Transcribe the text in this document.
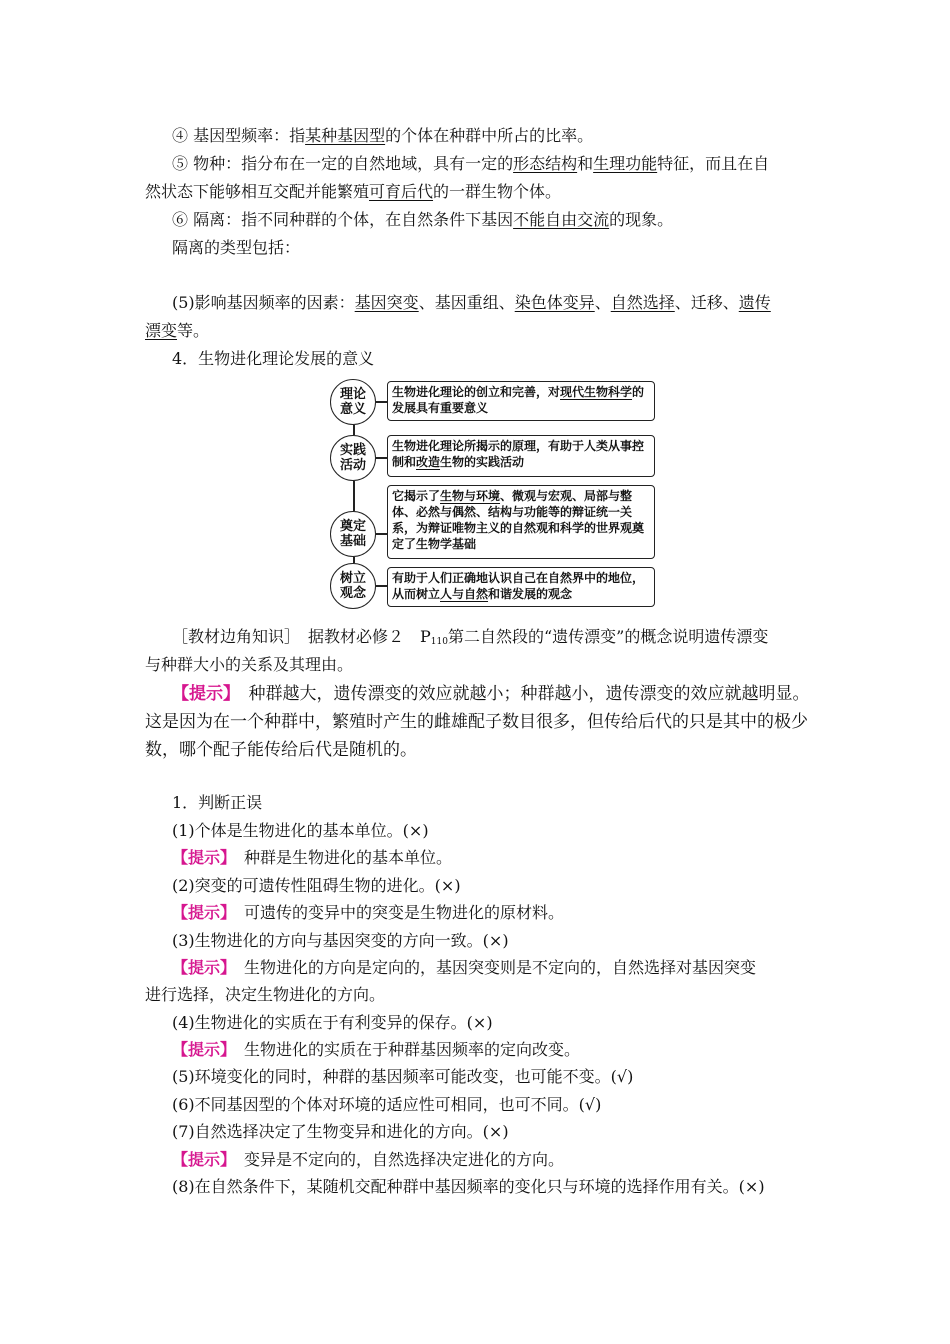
④ 基因型频率：指某种基因型的个体在种群中所占的比率。
⑤ 物种：指分布在一定的自然地域，具有一定的形态结构和生理功能特征，而且在自
然状态下能够相互交配并能繁殖可育后代的一群生物个体。
⑥ 隔离：指不同种群的个体，在自然条件下基因不能自由交流的现象。
隔离的类型包括：
(5)影响基因频率的因素：基因突变、基因重组、染色体变异、自然选择、迁移、遗传
漂变等。
4．生物进化理论发展的意义
理论
意义
生物进化理论的创立和完善，对现代生物科学的发展具有重要意义
实践
活动
生物进化理论所揭示的原理，有助于人类从事控制和改造生物的实践活动
奠定
基础
它揭示了生物与环境、微观与宏观、局部与整体、必然与偶然、结构与功能等的辩证统一关系，为辩证唯物主义的自然观和科学的世界观奠定了生物学基础
树立
观念
有助于人们正确地认识自己在自然界中的地位，从而树立人与自然和谐发展的观念
［教材边角知识］　据教材必修２　$P_{110}$第二自然段的“遗传漂变”的概念说明遗传漂变
与种群大小的关系及其理由。
【提示】　种群越大，遗传漂变的效应就越小；种群越小，遗传漂变的效应就越明显。
这是因为在一个种群中，繁殖时产生的雌雄配子数目很多，但传给后代的只是其中的极少
数，哪个配子能传给后代是随机的。
1．判断正误
(1)个体是生物进化的基本单位。(×)
【提示】　种群是生物进化的基本单位。
(2)突变的可遗传性阻碍生物的进化。(×)
【提示】　可遗传的变异中的突变是生物进化的原材料。
(3)生物进化的方向与基因突变的方向一致。(×)
【提示】　生物进化的方向是定向的，基因突变则是不定向的，自然选择对基因突变
进行选择，决定生物进化的方向。
(4)生物进化的实质在于有利变异的保存。(×)
【提示】　生物进化的实质在于种群基因频率的定向改变。
(5)环境变化的同时，种群的基因频率可能改变，也可能不变。(√)
(6)不同基因型的个体对环境的适应性可相同，也可不同。(√)
(7)自然选择决定了生物变异和进化的方向。(×)
【提示】　变异是不定向的，自然选择决定进化的方向。
(8)在自然条件下，某随机交配种群中基因频率的变化只与环境的选择作用有关。(×)
